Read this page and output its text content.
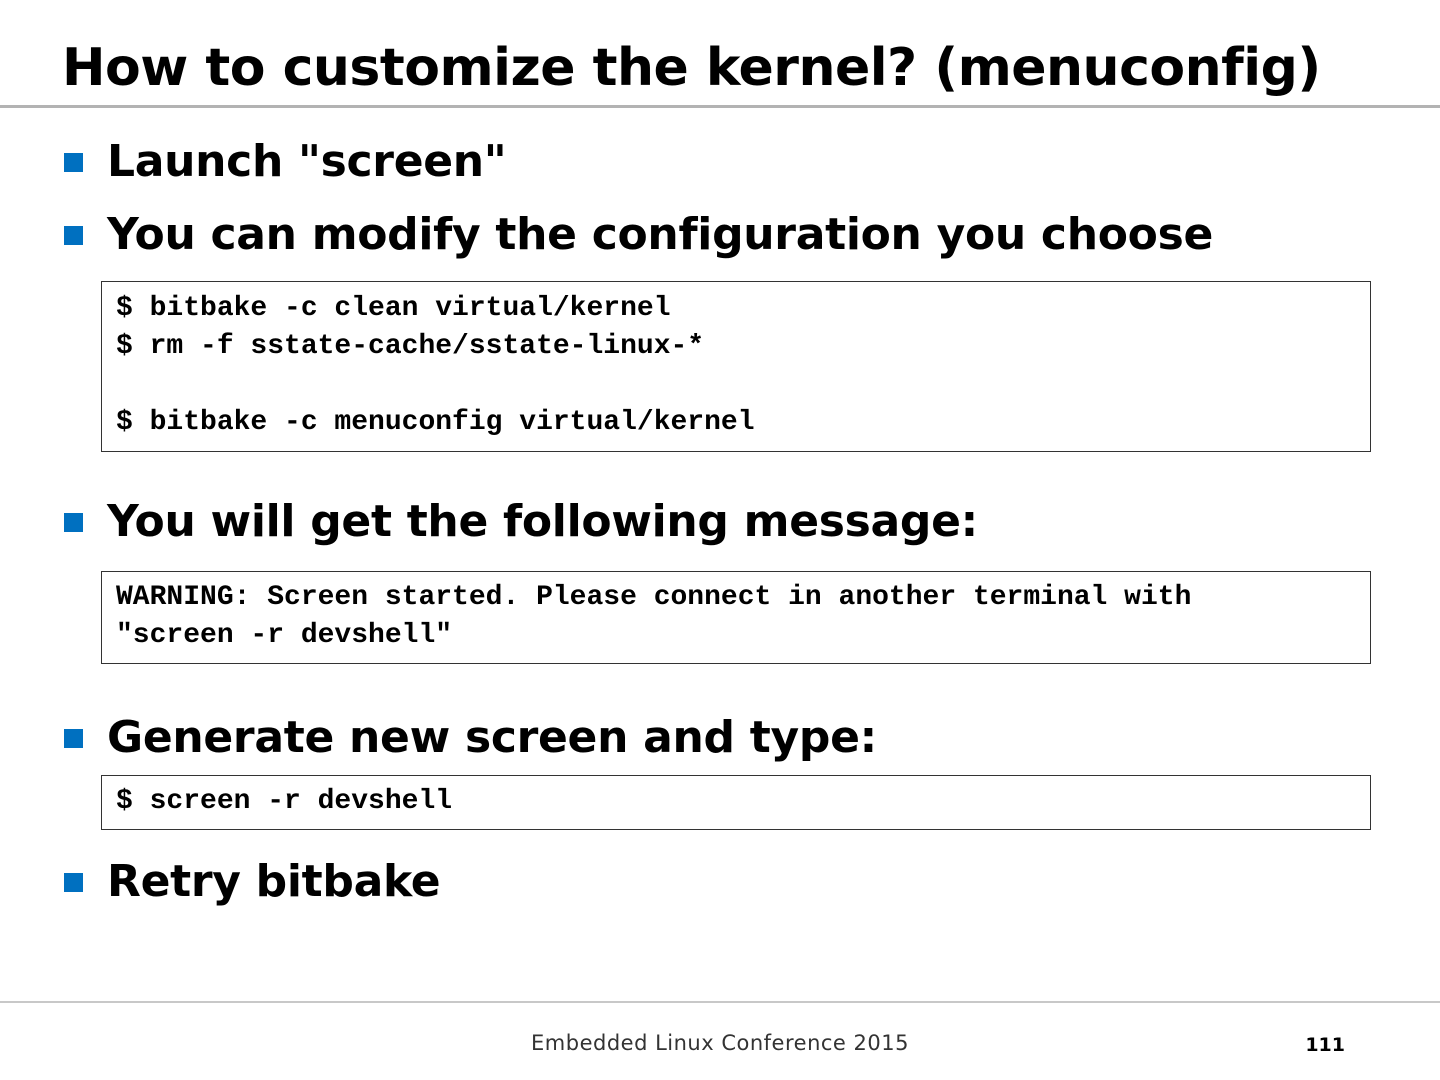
How to customize the kernel? (menuconfig)
Launch "screen"
You can modify the configuration you choose
$ bitbake -c clean virtual/kernel
$ rm -f sstate-cache/sstate-linux-*
$ bitbake -c menuconfig virtual/kernel
You will get the following message:
WARNING: Screen started. Please connect in another terminal with
"screen -r devshell"
Generate new screen and type:
$ screen -r devshell
Retry bitbake
Embedded Linux Conference 2015	111
